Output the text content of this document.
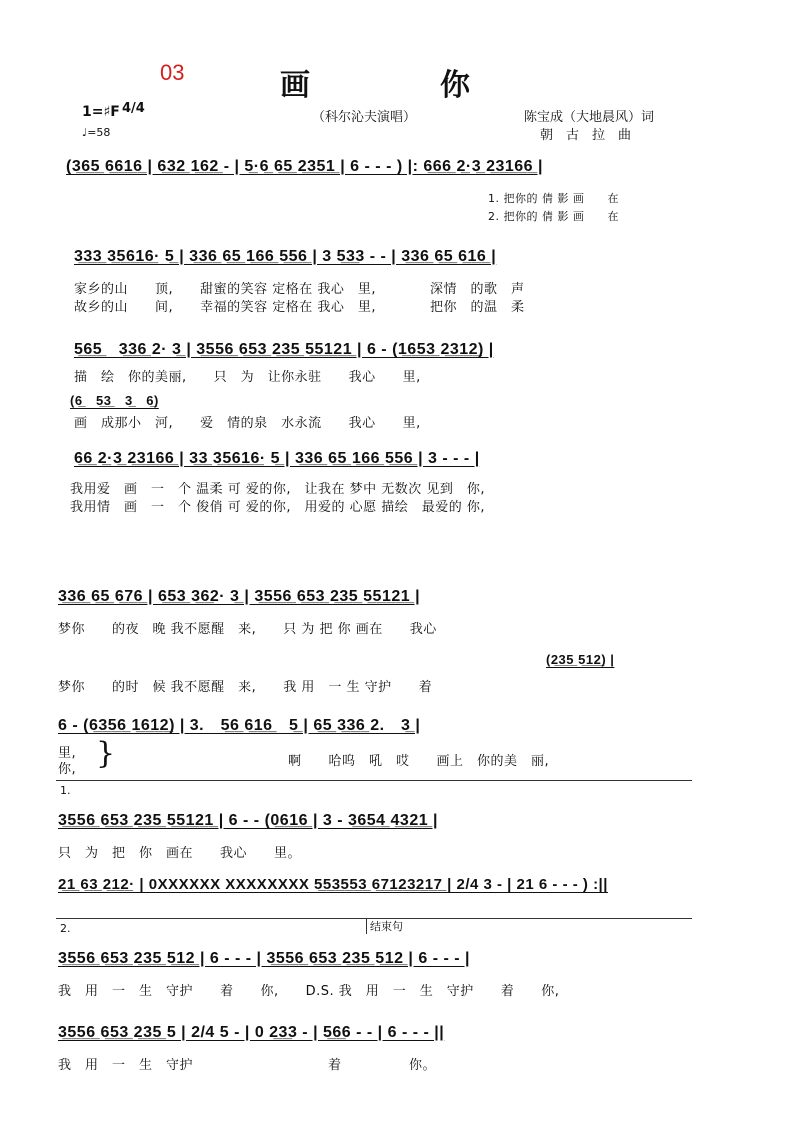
03	画	你
1=♯F 4/4
♩=58
（科尔沁夫演唱）	陈宝成（大地晨风）词
朝　古　拉　曲
(3̲6̲5̲ 6̲6̲1̲6̲ | 6̲3̲2̲ 1̲6̲2̲ - | 5̲·6̲ 6̲5̲ 2̲3̲5̲1̲ | 6 - - - ) |: 6̲6̲6̲ 2̲·3̲ 2̲3̲1̲6̲6̲ |
1. 把你的 倩 影 画　　在
2. 把你的 倩 影 画　　在
3̲3̲3̲ 3̲5̲6̲1̲6̲· 5̲ | 3̲3̲6̲ 6̲5̲ 1̲6̲6̲ 5̲5̲6̲ | 3 5̲3̲3 - - | 3̲3̲6̲ 6̲5̲ 6̲1̲6̲ |
家乡的山　　顶,　　甜蜜的笑容 定格在 我心　里,　　　　深情　的歌　声
故乡的山　　间,　　幸福的笑容 定格在 我心　里,　　　　把你　的温　柔
5̲6̲5̲　3̲3̲6̲ 2· 3̲ | 3̲5̲5̲6̲ 6̲5̲3̲ 2̲3̲5̲ 5̲5̲1̲2̲1̲ | 6 - (1̲6̲5̲3̲ 2̲3̲1̲2̲) |
描　绘　你的美丽,　　只　为　让你永驻　　我心　　里,
(6̲　5̲3̲　3̲　6̲)
画　成那小　河,　　爱　情的泉　水永流　　我心　　里,
6̲6̲ 2̲·3̲ 2̲3̲1̲6̲6̲ | 3̲3̲ 3̲5̲6̲1̲6̲· 5̲ | 3̲3̲6̲ 6̲5̲ 1̲6̲6̲ 5̲5̲6̲ | 3 - - - |
我用爱　画　一　个 温柔 可 爱的你,　让我在 梦中 无数次 见到　你,
我用情　画　一　个 俊俏 可 爱的你,　用爱的 心愿 描绘　最爱的 你,
3̲3̲6̲ 6̲5̲ 6̲7̲6̲ | 6̲5̲3̲ 3̲6̲2· 3̲ | 3̲5̲5̲6̲ 6̲5̲3̲ 2̲3̲5̲ 5̲5̲1̲2̲1̲ |
梦你　　的夜　晚 我不愿醒　来,　　只 为 把 你 画在　　我心
(2̲3̲5̲ 5̲1̲2̲) |
梦你　　的时　候 我不愿醒　来,　　我 用　一 生 守护　　着
6 - (6̲3̲5̲6̲ 1̲6̲1̲2̲) | 3.　5̲6̲ 6̲1̲6̲　5̲ | 6̲5̲ 3̲3̲6̲ 2.　3̲ |
里,
你, }	啊　　哈呜　吼　哎　　画上　你的美　丽,
1.
3̲5̲5̲6̲ 6̲5̲3̲ 2̲3̲5̲ 5̲5̲1̲2̲1̲ | 6 - - (0̲6̲1̲6̲ | 3 - 3̲6̲5̲4̲ 4̲3̲2̲1̲ |
只　为　把　你　画在　　我心　　里。
2̲1̲ 6̲3̲ 2̲1̲2̲· | 0XXXXXX XXXXXXXX 5̲5̲3̲5̲5̲3̲ 6̲7̲1̲2̲3̲2̲1̲7̲ | 2/4 3 - | 21 6 - - - ) :||
2.	结束句
3̲5̲5̲6̲ 6̲5̲3̲ 2̲3̲5̲ 5̲1̲2̲ | 6 - - - | 3̲5̲5̲6̲ 6̲5̲3̲ 2̲3̲5̲ 5̲1̲2̲ | 6 - - - |
我　用　一　生　守护　　着　　你,　　D.S. 我　用　一　生　守护　　着　　你,
3̲5̲5̲6̲ 6̲5̲3̲ 2̲3̲5̲ 5 | 2/4 5 - | 0 2̲3̲3 - | 5̲6̲6 - - | 6 - - - ||
我　用　一　生　守护　　　　　　　　　　着　　　　　你。
